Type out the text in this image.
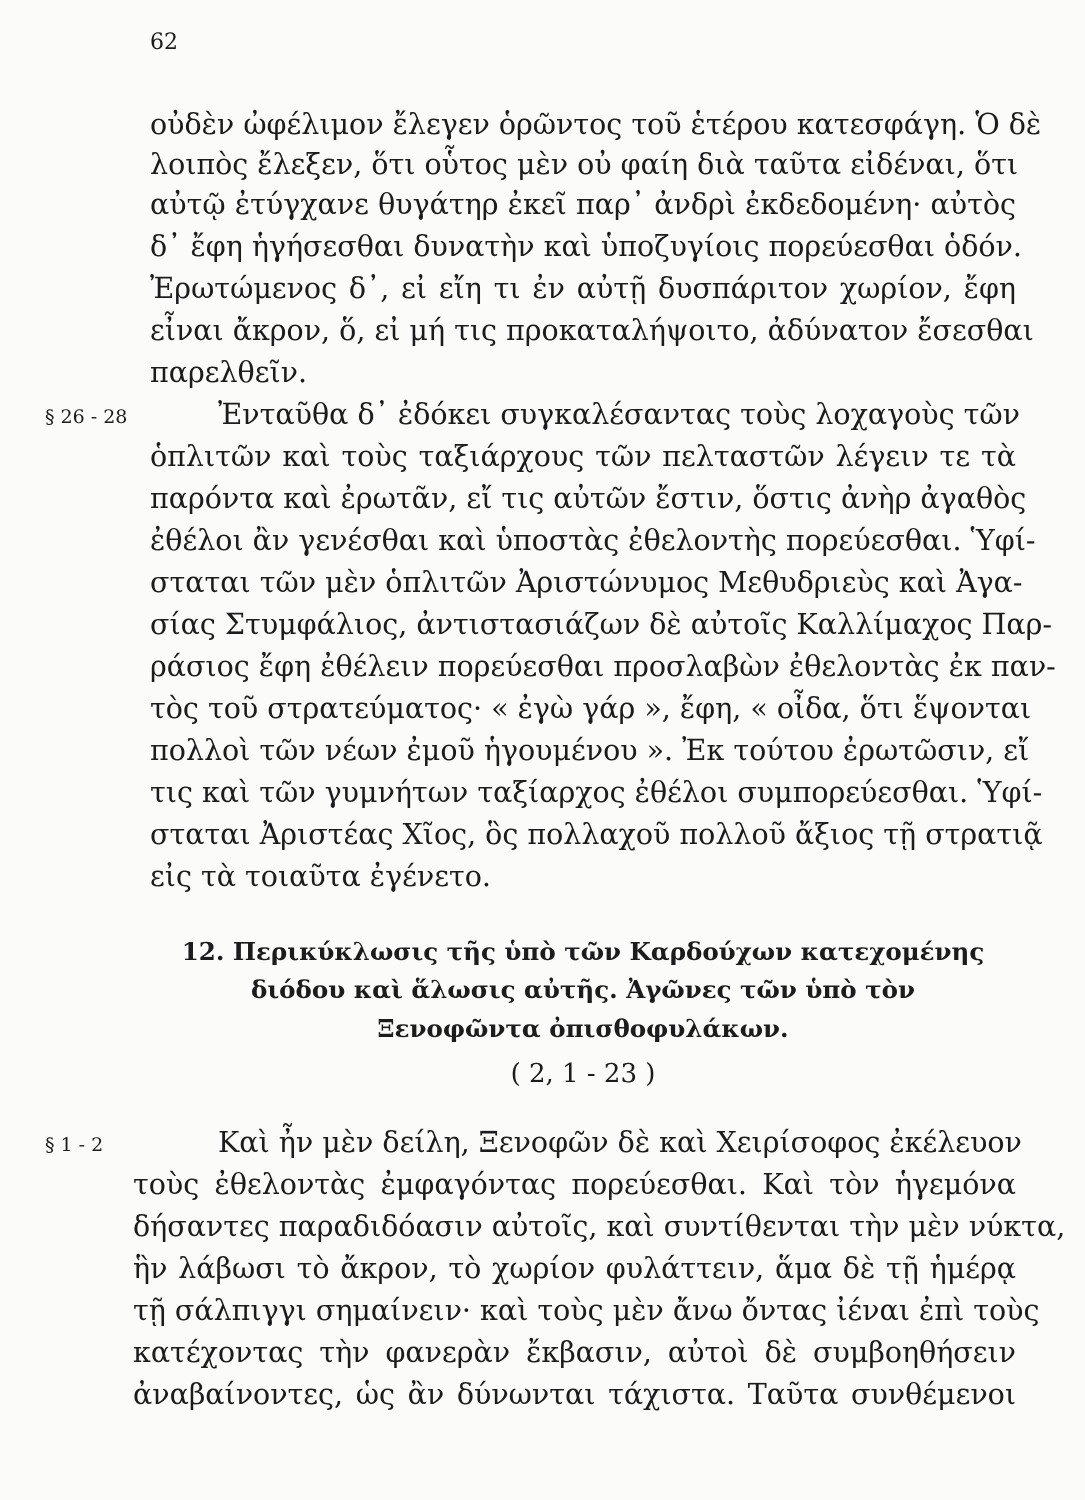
62
οὐδὲν ὠφέλιμον ἔλεγεν ὁρῶντος τοῦ ἑτέρου κατεσφάγη. Ὁ δὲ
λοιπὸς ἔλεξεν, ὅτι οὗτος μὲν οὐ φαίη διὰ ταῦτα εἰδέναι, ὅτι
αὐτῷ ἐτύγχανε θυγάτηρ ἐκεῖ παρ᾽ ἀνδρὶ ἐκδεδομένη· αὐτὸς
δ᾽ ἔφη ἡγήσεσθαι δυνατὴν καὶ ὑποζυγίοις πορεύεσθαι ὁδόν.
Ἐρωτώμενος δ᾽, εἰ εἴη τι ἐν αὐτῇ δυσπάριτον χωρίον, ἔφη
εἶναι ἄκρον, ὅ, εἰ μή τις προκαταλήψοιτο, ἀδύνατον ἔσεσθαι
παρελθεῖν.
§ 26 - 28	Ἐνταῦθα δ᾽ ἐδόκει συγκαλέσαντας τοὺς λοχαγοὺς τῶν
ὁπλιτῶν καὶ τοὺς ταξιάρχους τῶν πελταστῶν λέγειν τε τὰ
παρόντα καὶ ἐρωτᾶν, εἴ τις αὐτῶν ἔστιν, ὅστις ἀνὴρ ἀγαθὸς
ἐθέλοι ἂν γενέσθαι καὶ ὑποστὰς ἐθελοντὴς πορεύεσθαι. Ὑφί-
σταται τῶν μὲν ὁπλιτῶν Ἀριστώνυμος Μεθυδριεὺς καὶ Ἀγα-
σίας Στυμφάλιος, ἀντιστασιάζων δὲ αὐτοῖς Καλλίμαχος Παρ-
ράσιος ἔφη ἐθέλειν πορεύεσθαι προσλαβὼν ἐθελοντὰς ἐκ παν-
τὸς τοῦ στρατεύματος· « ἐγὼ γάρ », ἔφη, « οἶδα, ὅτι ἕψονται
πολλοὶ τῶν νέων ἐμοῦ ἡγουμένου ». Ἐκ τούτου ἐρωτῶσιν, εἴ
τις καὶ τῶν γυμνήτων ταξίαρχος ἐθέλοι συμπορεύεσθαι. Ὑφί-
σταται Ἀριστέας Χῖος, ὃς πολλαχοῦ πολλοῦ ἄξιος τῇ στρατιᾷ
εἰς τὰ τοιαῦτα ἐγένετο.
12. Περικύκλωσις τῆς ὑπὸ τῶν Καρδούχων κατεχομένης
διόδου καὶ ἅλωσις αὐτῆς. Ἀγῶνες τῶν ὑπὸ τὸν
Ξενοφῶντα ὀπισθοφυλάκων.
( 2, 1 - 23 )
§ 1 - 2	Καὶ ἦν μὲν δείλη, Ξενοφῶν δὲ καὶ Χειρίσοφος ἐκέλευον
τοὺς ἐθελοντὰς ἐμφαγόντας πορεύεσθαι. Καὶ τὸν ἡγεμόνα
δήσαντες παραδιδόασιν αὐτοῖς, καὶ συντίθενται τὴν μὲν νύκτα,
ἣν λάβωσι τὸ ἄκρον, τὸ χωρίον φυλάττειν, ἅμα δὲ τῇ ἡμέρᾳ
τῇ σάλπιγγι σημαίνειν· καὶ τοὺς μὲν ἄνω ὄντας ἰέναι ἐπὶ τοὺς
κατέχοντας τὴν φανερὰν ἔκβασιν, αὐτοὶ δὲ συμβοηθήσειν
ἀναβαίνοντες, ὡς ἂν δύνωνται τάχιστα. Ταῦτα συνθέμενοι
